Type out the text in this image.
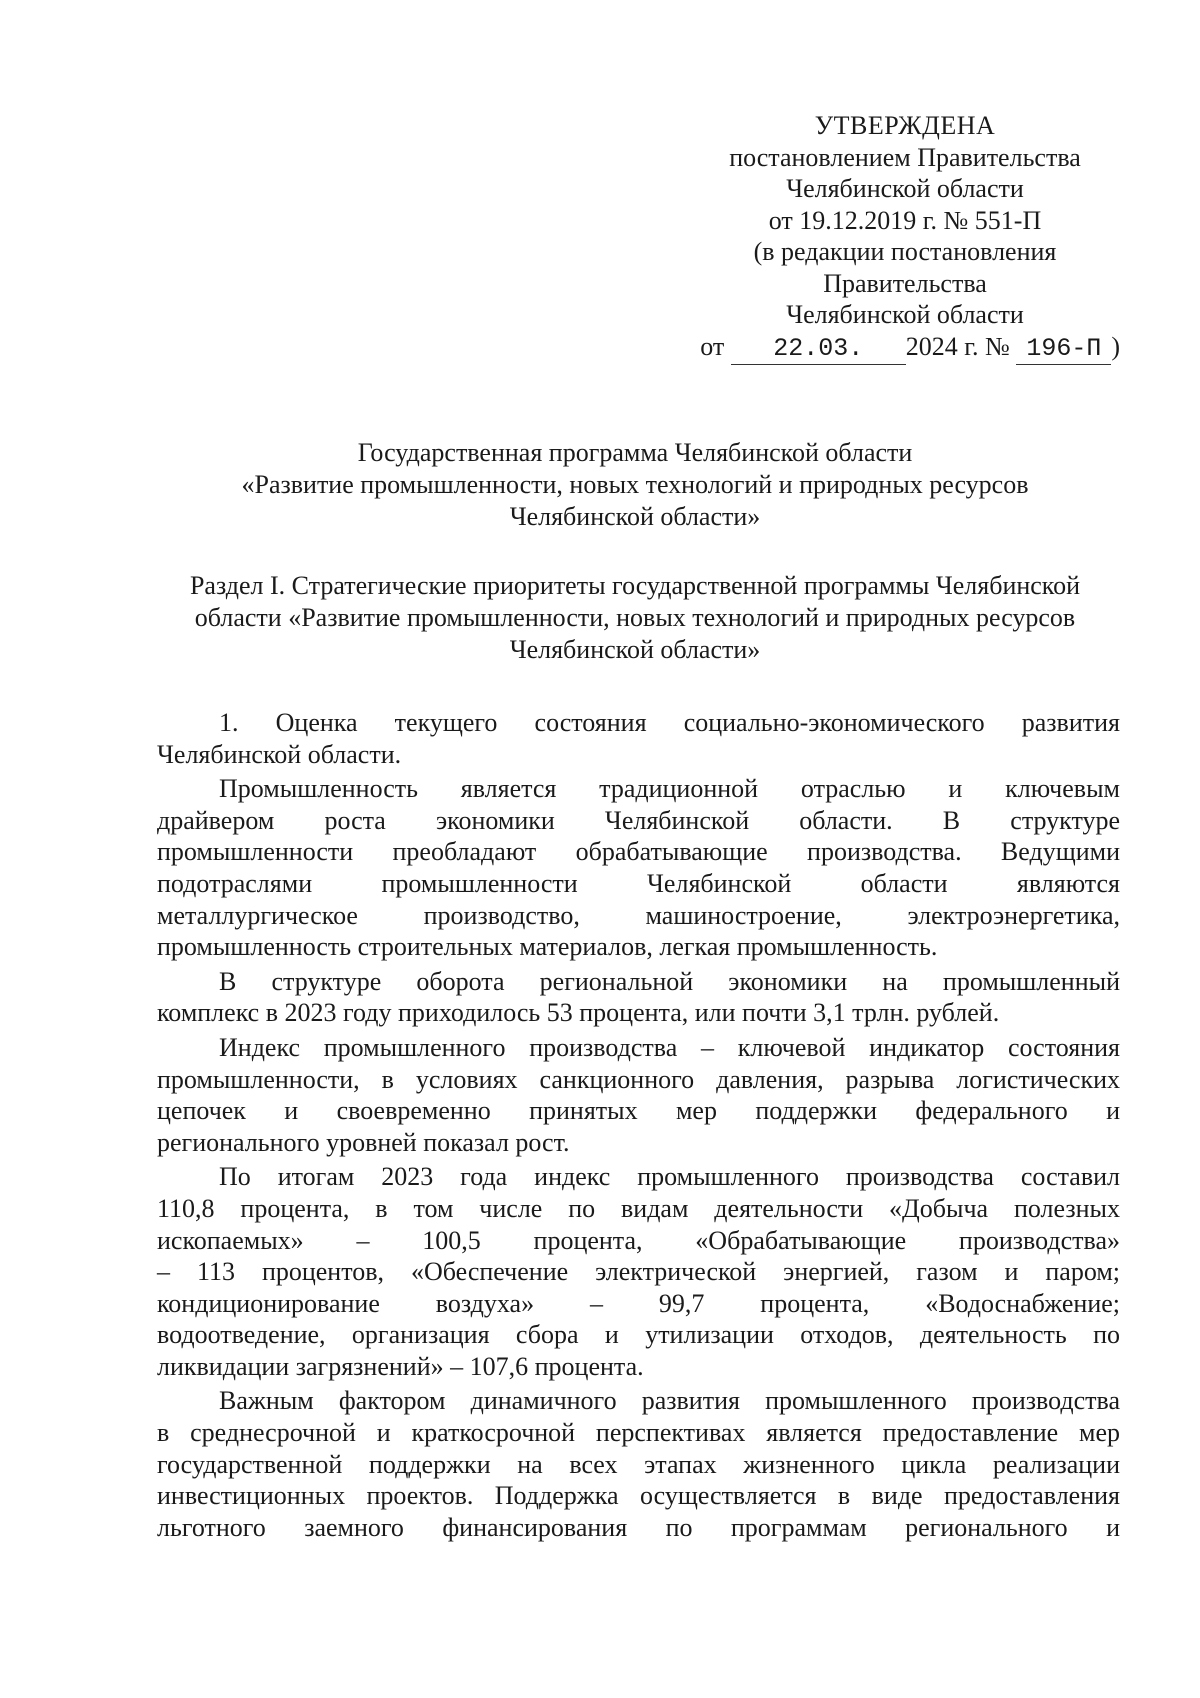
УТВЕРЖДЕНА
постановлением Правительства
Челябинской области
от 19.12.2019 г. № 551-П
(в редакции постановления
Правительства
Челябинской области
от 22.03. 2024 г. № 196-П )
Государственная программа Челябинской области
«Развитие промышленности, новых технологий и природных ресурсов
Челябинской области»
Раздел I. Стратегические приоритеты государственной программы Челябинской
области «Развитие промышленности, новых технологий и природных ресурсов
Челябинской области»

1. Оценка текущего состояния социально-экономического развития
Челябинской области.

Промышленность является традиционной отраслью и ключевым
драйвером роста экономики Челябинской области. В структуре
промышленности преобладают обрабатывающие производства. Ведущими
подотраслями промышленности Челябинской области являются
металлургическое производство, машиностроение, электроэнергетика,
промышленность строительных материалов, легкая промышленность.

В структуре оборота региональной экономики на промышленный
комплекс в 2023 году приходилось 53 процента, или почти 3,1 трлн. рублей.

Индекс промышленного производства – ключевой индикатор состояния
промышленности, в условиях санкционного давления, разрыва логистических
цепочек и своевременно принятых мер поддержки федерального и
регионального уровней показал рост.

По итогам 2023 года индекс промышленного производства составил
110,8 процента, в том числе по видам деятельности «Добыча полезных
ископаемых» – 100,5 процента, «Обрабатывающие производства»
– 113 процентов, «Обеспечение электрической энергией, газом и паром;
кондиционирование воздуха» – 99,7 процента, «Водоснабжение;
водоотведение, организация сбора и утилизации отходов, деятельность по
ликвидации загрязнений» – 107,6 процента.

Важным фактором динамичного развития промышленного производства
в среднесрочной и краткосрочной перспективах является предоставление мер
государственной поддержки на всех этапах жизненного цикла реализации
инвестиционных проектов. Поддержка осуществляется в виде предоставления
льготного заемного финансирования по программам регионального и
